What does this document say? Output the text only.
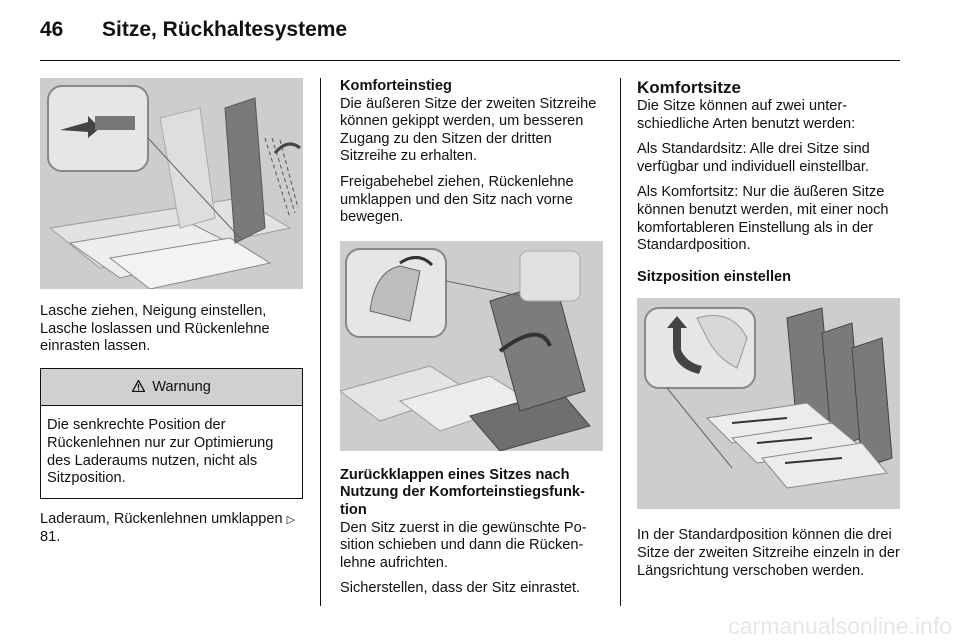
46 Sitze, Rückhaltesysteme

Lasche ziehen, Neigung einstellen, Lasche loslassen und Rückenlehne einrasten lassen.

Warnung
Die senkrechte Position der Rückenlehnen nur zur Optimierung des Laderaums nutzen, nicht als Sitzposition.

Laderaum, Rückenlehnen umklappen ▷ 81.

Komforteinstieg

Die äußeren Sitze der zweiten Sitzreihe können gekippt werden, um besseren Zugang zu den Sitzen der dritten Sitzreihe zu erhalten.

Freigabehebel ziehen, Rückenlehne umklappen und den Sitz nach vorne bewegen.

Zurückklappen eines Sitzes nach Nutzung der Komforteinstiegsfunktion

Den Sitz zuerst in die gewünschte Position schieben und dann die Rückenlehne aufrichten.

Sicherstellen, dass der Sitz einrastet.

Komfortsitze

Die Sitze können auf zwei unterschiedliche Arten benutzt werden:

Als Standardsitz: Alle drei Sitze sind verfügbar und individuell einstellbar.

Als Komfortsitz: Nur die äußeren Sitze können benutzt werden, mit einer noch komfortableren Einstellung als in der Standardposition.

Sitzposition einstellen

In der Standardposition können die drei Sitze der zweiten Sitzreihe einzeln in der Längsrichtung verschoben werden.

carmanualsonline.info
